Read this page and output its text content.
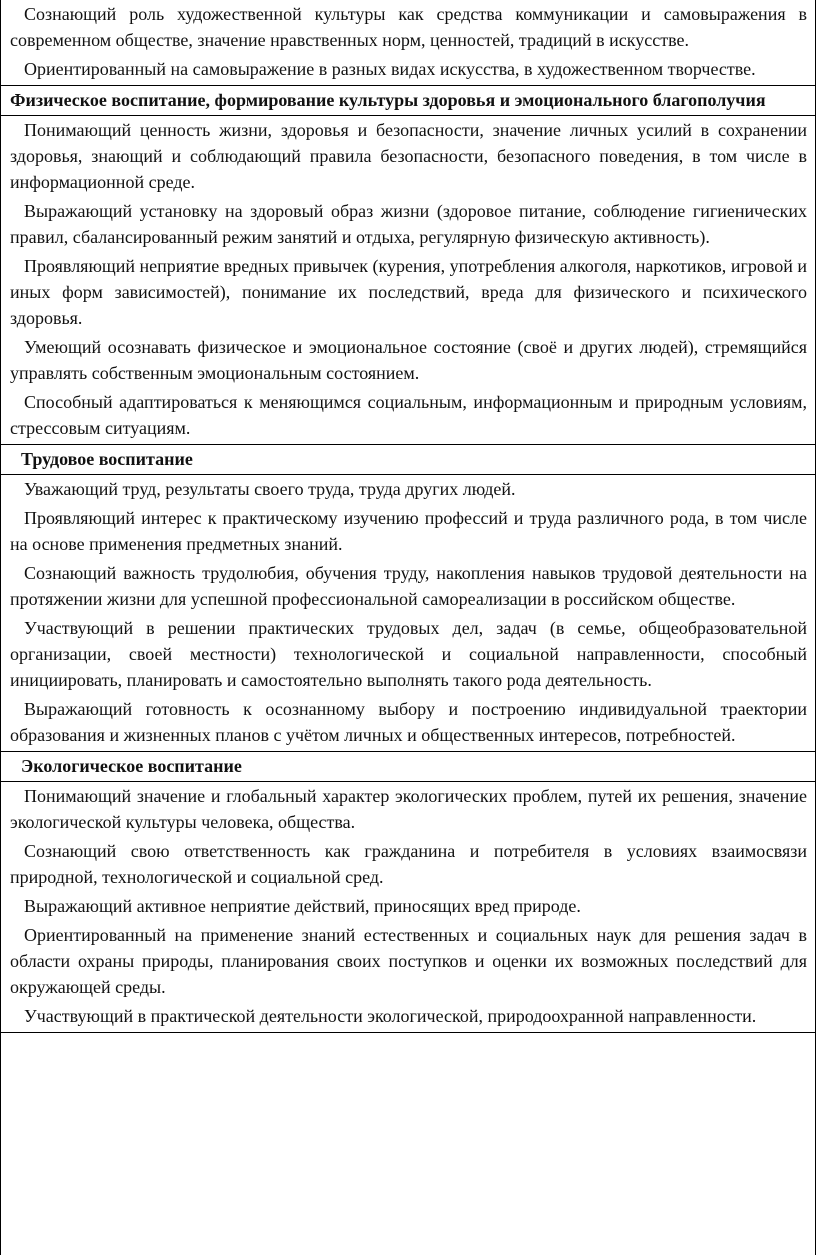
Сознающий роль художественной культуры как средства коммуникации и самовыражения в современном обществе, значение нравственных норм, ценностей, традиций в искусстве.

Ориентированный на самовыражение в разных видах искусства, в художественном творчестве.

Физическое воспитание, формирование культуры здоровья и эмоционального благополучия

Понимающий ценность жизни, здоровья и безопасности, значение личных усилий в сохранении здоровья, знающий и соблюдающий правила безопасности, безопасного поведения, в том числе в информационной среде.

Выражающий установку на здоровый образ жизни (здоровое питание, соблюдение гигиенических правил, сбалансированный режим занятий и отдыха, регулярную физическую активность).

Проявляющий неприятие вредных привычек (курения, употребления алкоголя, наркотиков, игровой и иных форм зависимостей), понимание их последствий, вреда для физического и психического здоровья.

Умеющий осознавать физическое и эмоциональное состояние (своё и других людей), стремящийся управлять собственным эмоциональным состоянием.

Способный адаптироваться к меняющимся социальным, информационным и природным условиям, стрессовым ситуациям.

Трудовое воспитание

Уважающий труд, результаты своего труда, труда других людей.

Проявляющий интерес к практическому изучению профессий и труда различного рода, в том числе на основе применения предметных знаний.

Сознающий важность трудолюбия, обучения труду, накопления навыков трудовой деятельности на протяжении жизни для успешной профессиональной самореализации в российском обществе.

Участвующий в решении практических трудовых дел, задач (в семье, общеобразовательной организации, своей местности) технологической и социальной направленности, способный инициировать, планировать и самостоятельно выполнять такого рода деятельность.

Выражающий готовность к осознанному выбору и построению индивидуальной траектории образования и жизненных планов с учётом личных и общественных интересов, потребностей.

Экологическое воспитание

Понимающий значение и глобальный характер экологических проблем, путей их решения, значение экологической культуры человека, общества.

Сознающий свою ответственность как гражданина и потребителя в условиях взаимосвязи природной, технологической и социальной сред.

Выражающий активное неприятие действий, приносящих вред природе.

Ориентированный на применение знаний естественных и социальных наук для решения задач в области охраны природы, планирования своих поступков и оценки их возможных последствий для окружающей среды.

Участвующий в практической деятельности экологической, природоохранной направленности.
